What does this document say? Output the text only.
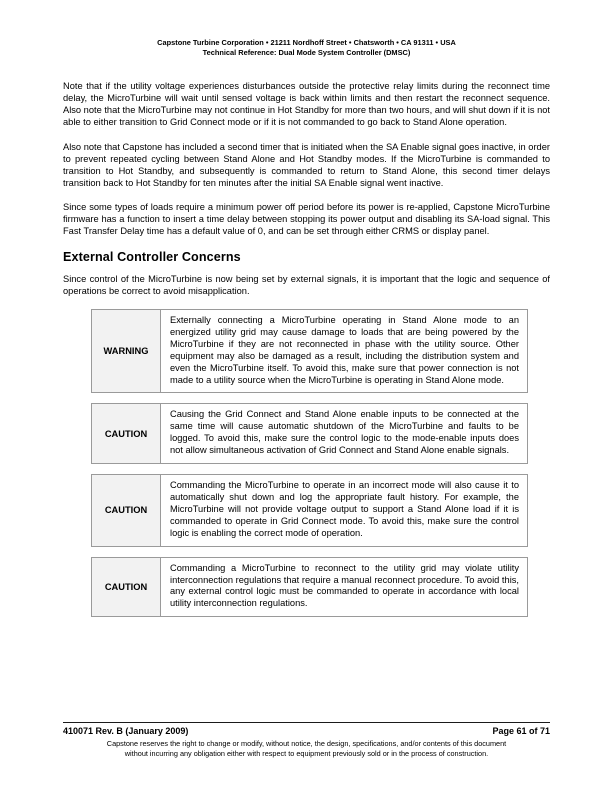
Capstone Turbine Corporation • 21211 Nordhoff Street • Chatsworth • CA 91311 • USA
Technical Reference: Dual Mode System Controller (DMSC)

Note that if the utility voltage experiences disturbances outside the protective relay limits during the reconnect time delay, the MicroTurbine will wait until sensed voltage is back within limits and then restart the reconnect sequence. Also note that the MicroTurbine may not continue in Hot Standby for more than two hours, and will shut down if it is not able to either transition to Grid Connect mode or if it is not commanded to go back to Stand Alone operation.

Also note that Capstone has included a second timer that is initiated when the SA Enable signal goes inactive, in order to prevent repeated cycling between Stand Alone and Hot Standby modes. If the MicroTurbine is commanded to transition to Hot Standby, and subsequently is commanded to return to Stand Alone, this second timer delays transition back to Hot Standby for ten minutes after the initial SA Enable signal went inactive.

Since some types of loads require a minimum power off period before its power is re-applied, Capstone MicroTurbine firmware has a function to insert a time delay between stopping its power output and disabling its SA-load signal. This Fast Transfer Delay time has a default value of 0, and can be set through either CRMS or display panel.

External Controller Concerns

Since control of the MicroTurbine is now being set by external signals, it is important that the logic and sequence of operations be correct to avoid misapplication.

WARNING	Externally connecting a MicroTurbine operating in Stand Alone mode to an energized utility grid may cause damage to loads that are being powered by the MicroTurbine if they are not reconnected in phase with the utility source. Other equipment may also be damaged as a result, including the distribution system and even the MicroTurbine itself. To avoid this, make sure that power connection is not made to a utility source when the MicroTurbine is operating in Stand Alone mode.
CAUTION	Causing the Grid Connect and Stand Alone enable inputs to be connected at the same time will cause automatic shutdown of the MicroTurbine and faults to be logged. To avoid this, make sure the control logic to the mode-enable inputs does not allow simultaneous activation of Grid Connect and Stand Alone enable signals.
CAUTION	Commanding the MicroTurbine to operate in an incorrect mode will also cause it to automatically shut down and log the appropriate fault history. For example, the MicroTurbine will not provide voltage output to support a Stand Alone load if it is commanded to operate in Grid Connect mode. To avoid this, make sure the control logic is enabling the correct mode of operation.
CAUTION	Commanding a MicroTurbine to reconnect to the utility grid may violate utility interconnection regulations that require a manual reconnect procedure. To avoid this, any external control logic must be commanded to operate in accordance with local utility interconnection regulations.
410071 Rev. B (January 2009)	Page 61 of 71
Capstone reserves the right to change or modify, without notice, the design, specifications, and/or contents of this document
without incurring any obligation either with respect to equipment previously sold or in the process of construction.
